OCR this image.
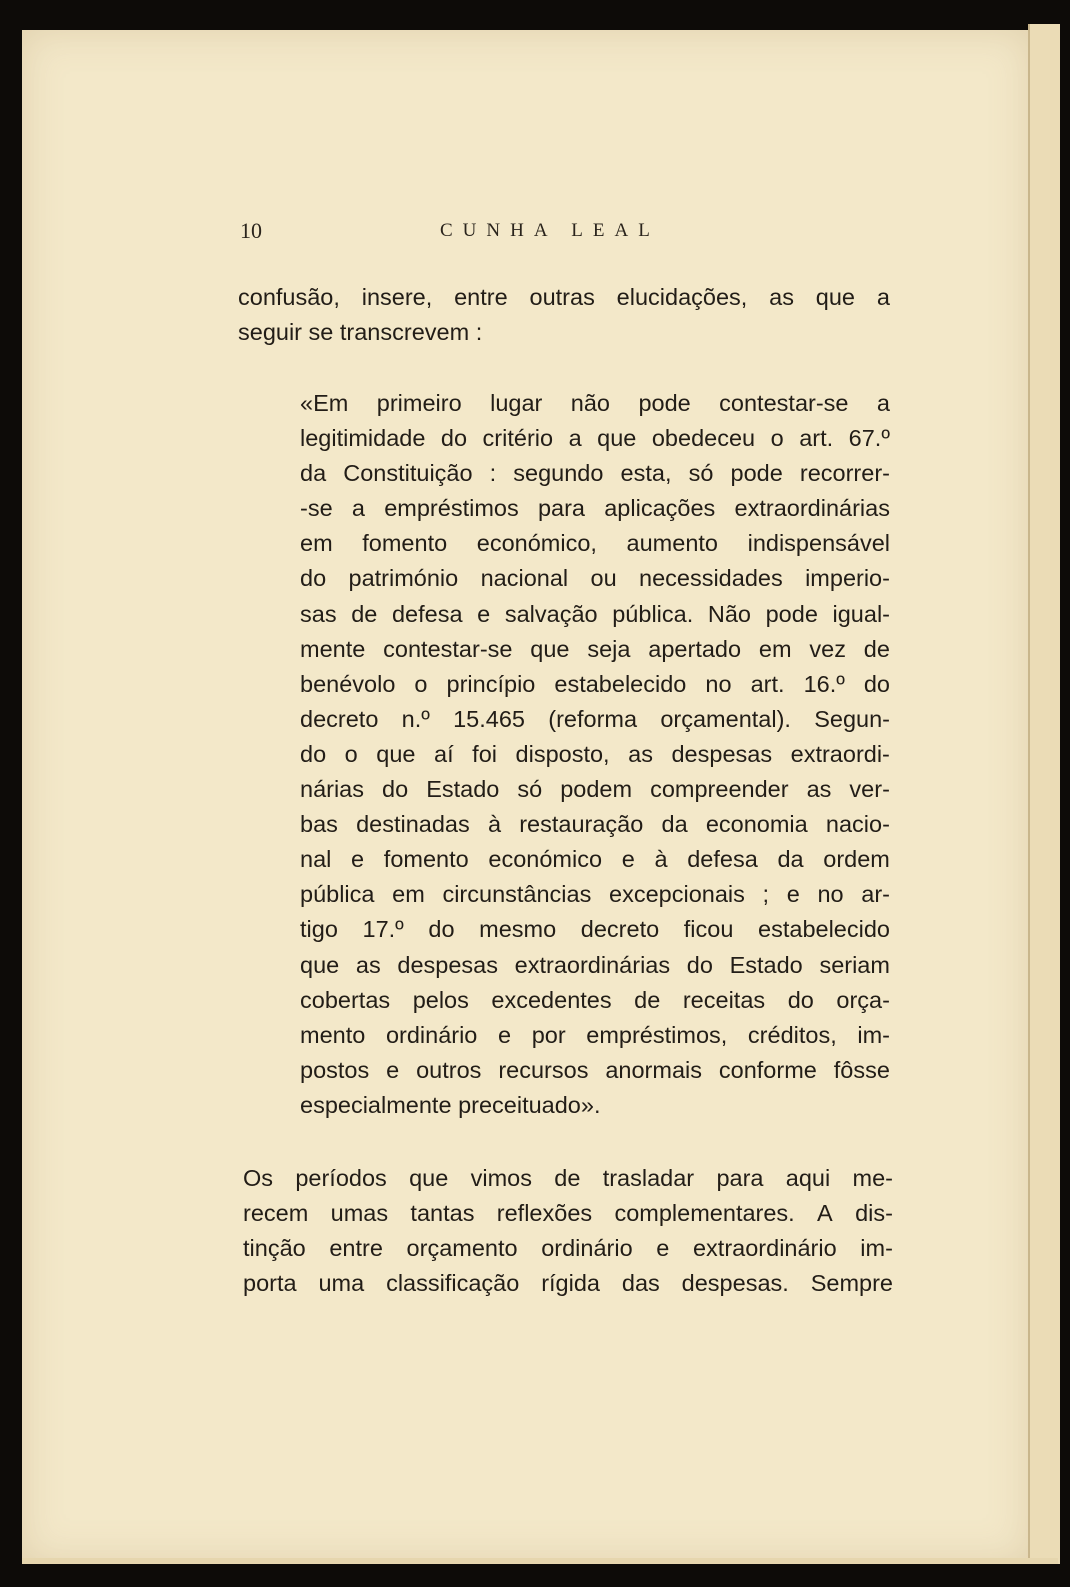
10	CUNHA LEAL
confusão, insere, entre outras elucidações, as que a
seguir se transcrevem :
«Em primeiro lugar não pode contestar-se a
legitimidade do critério a que obedeceu o art. 67.º
da Constituição : segundo esta, só pode recorrer-
-se a empréstimos para aplicações extraordinárias
em fomento económico, aumento indispensável
do património nacional ou necessidades imperio-
sas de defesa e salvação pública. Não pode igual-
mente contestar-se que seja apertado em vez de
benévolo o princípio estabelecido no art. 16.º do
decreto n.º 15.465 (reforma orçamental). Segun-
do o que aí foi disposto, as despesas extraordi-
nárias do Estado só podem compreender as ver-
bas destinadas à restauração da economia nacio-
nal e fomento económico e à defesa da ordem
pública em circunstâncias excepcionais ; e no ar-
tigo 17.º do mesmo decreto ficou estabelecido
que as despesas extraordinárias do Estado seriam
cobertas pelos excedentes de receitas do orça-
mento ordinário e por empréstimos, créditos, im-
postos e outros recursos anormais conforme fôsse
especialmente preceituado».
Os períodos que vimos de trasladar para aqui me-
recem umas tantas reflexões complementares. A dis-
tinção entre orçamento ordinário e extraordinário im-
porta uma classificação rígida das despesas. Sempre
